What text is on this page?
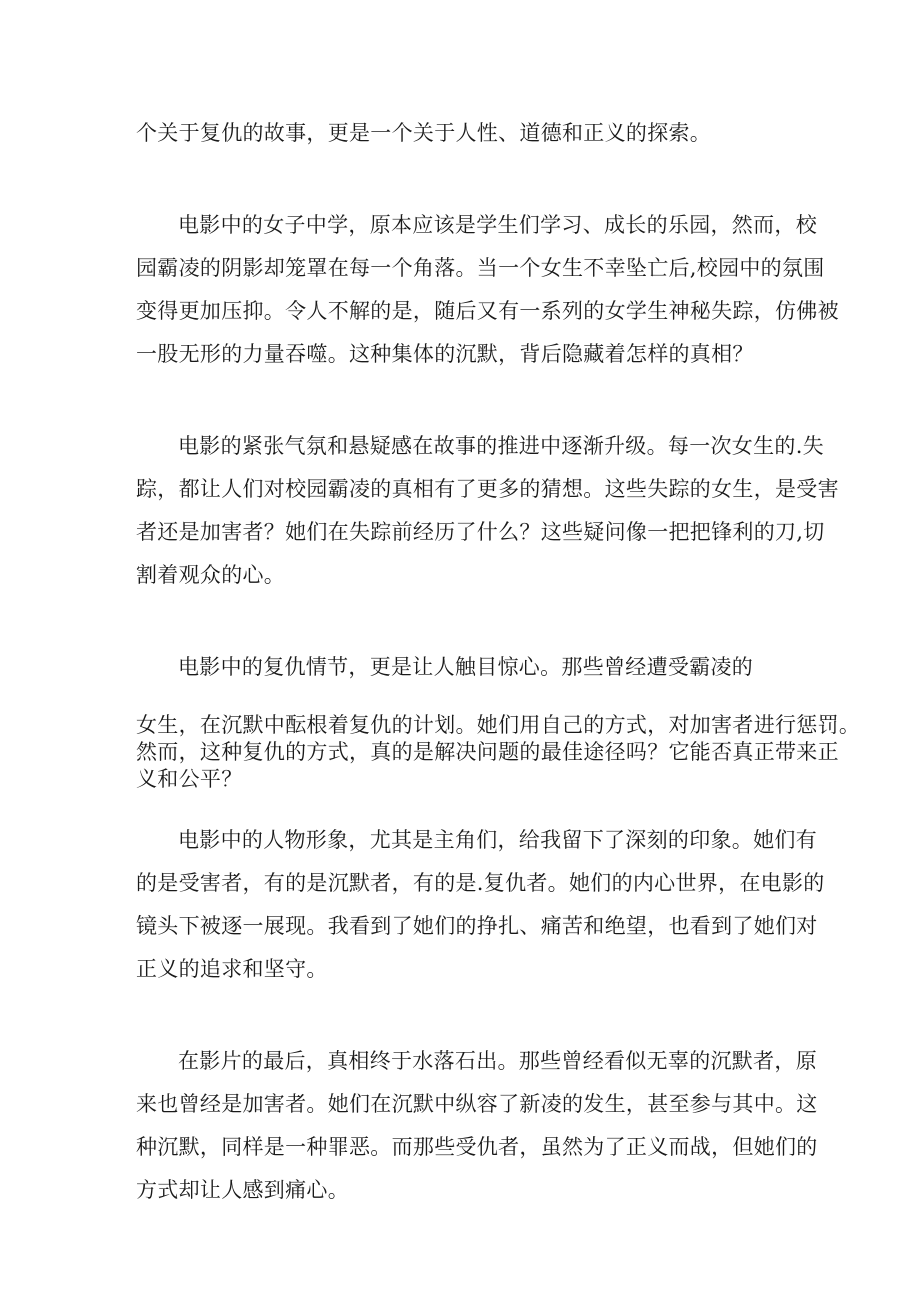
个关于复仇的故事，更是一个关于人性、道德和正义的探索。

电影中的女子中学，原本应该是学生们学习、成长的乐园，然而，校

园霸凌的阴影却笼罩在每一个角落。当一个女生不幸坠亡后,校园中的氛围

变得更加压抑。令人不解的是，随后又有一系列的女学生神秘失踪，仿佛被

一股无形的力量吞噬。这种集体的沉默，背后隐藏着怎样的真相？

电影的紧张气氛和悬疑感在故事的推进中逐渐升级。每一次女生的.失

踪，都让人们对校园霸凌的真相有了更多的猜想。这些失踪的女生，是受害

者还是加害者？她们在失踪前经历了什么？这些疑问像一把把锋利的刀,切

割着观众的心。

电影中的复仇情节，更是让人触目惊心。那些曾经遭受霸凌的

女生，在沉默中酝根着复仇的计划。她们用自己的方式，对加害者进行惩罚。

然而，这种复仇的方式，真的是解决问题的最佳途径吗？它能否真正带来正

义和公平？

电影中的人物形象，尤其是主角们，给我留下了深刻的印象。她们有

的是受害者，有的是沉默者，有的是.复仇者。她们的内心世界，在电影的

镜头下被逐一展现。我看到了她们的挣扎、痛苦和绝望，也看到了她们对

正义的追求和坚守。

在影片的最后，真相终于水落石出。那些曾经看似无辜的沉默者，原

来也曾经是加害者。她们在沉默中纵容了新凌的发生，甚至参与其中。这

种沉默，同样是一种罪恶。而那些受仇者，虽然为了正义而战，但她们的

方式却让人感到痛心。
